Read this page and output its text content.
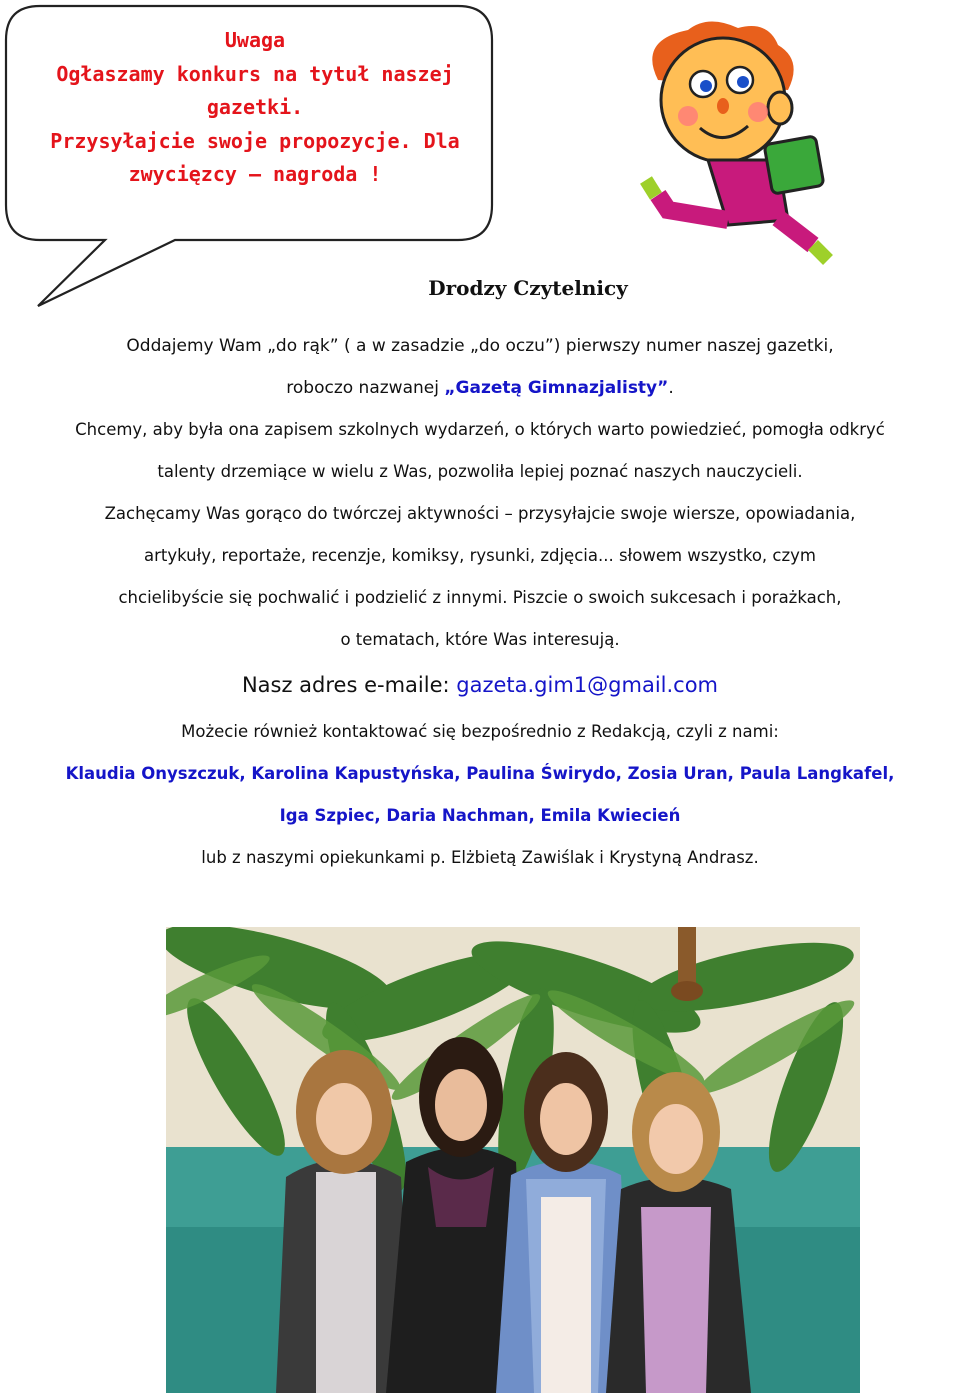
Uwaga
Ogłaszamy konkurs na tytuł naszej
gazetki.
Przysyłajcie swoje propozycje. Dla
zwycięzcy – nagroda !
Drodzy Czytelnicy
Oddajemy Wam „do rąk” ( a w zasadzie „do oczu”) pierwszy numer naszej gazetki,
roboczo nazwanej „Gazetą Gimnazjalisty”.
Chcemy, aby była ona zapisem szkolnych wydarzeń, o których warto powiedzieć, pomogła odkryć
talenty drzemiące w wielu z Was, pozwoliła lepiej poznać naszych nauczycieli.
Zachęcamy Was gorąco do twórczej aktywności – przysyłajcie swoje wiersze, opowiadania,
artykuły, reportaże, recenzje, komiksy, rysunki, zdjęcia... słowem wszystko, czym
chcielibyście się pochwalić i podzielić z innymi. Piszcie o swoich sukcesach i porażkach,
o tematach, które Was interesują.
Nasz adres e-maile: gazeta.gim1@gmail.com
Możecie również kontaktować się bezpośrednio z Redakcją, czyli z nami:
Klaudia Onyszczuk, Karolina Kapustyńska, Paulina Świrydo, Zosia Uran, Paula Langkafel,
Iga Szpiec, Daria Nachman, Emila Kwiecień
lub z naszymi opiekunkami p. Elżbietą Zawiślak i Krystyną Andrasz.
